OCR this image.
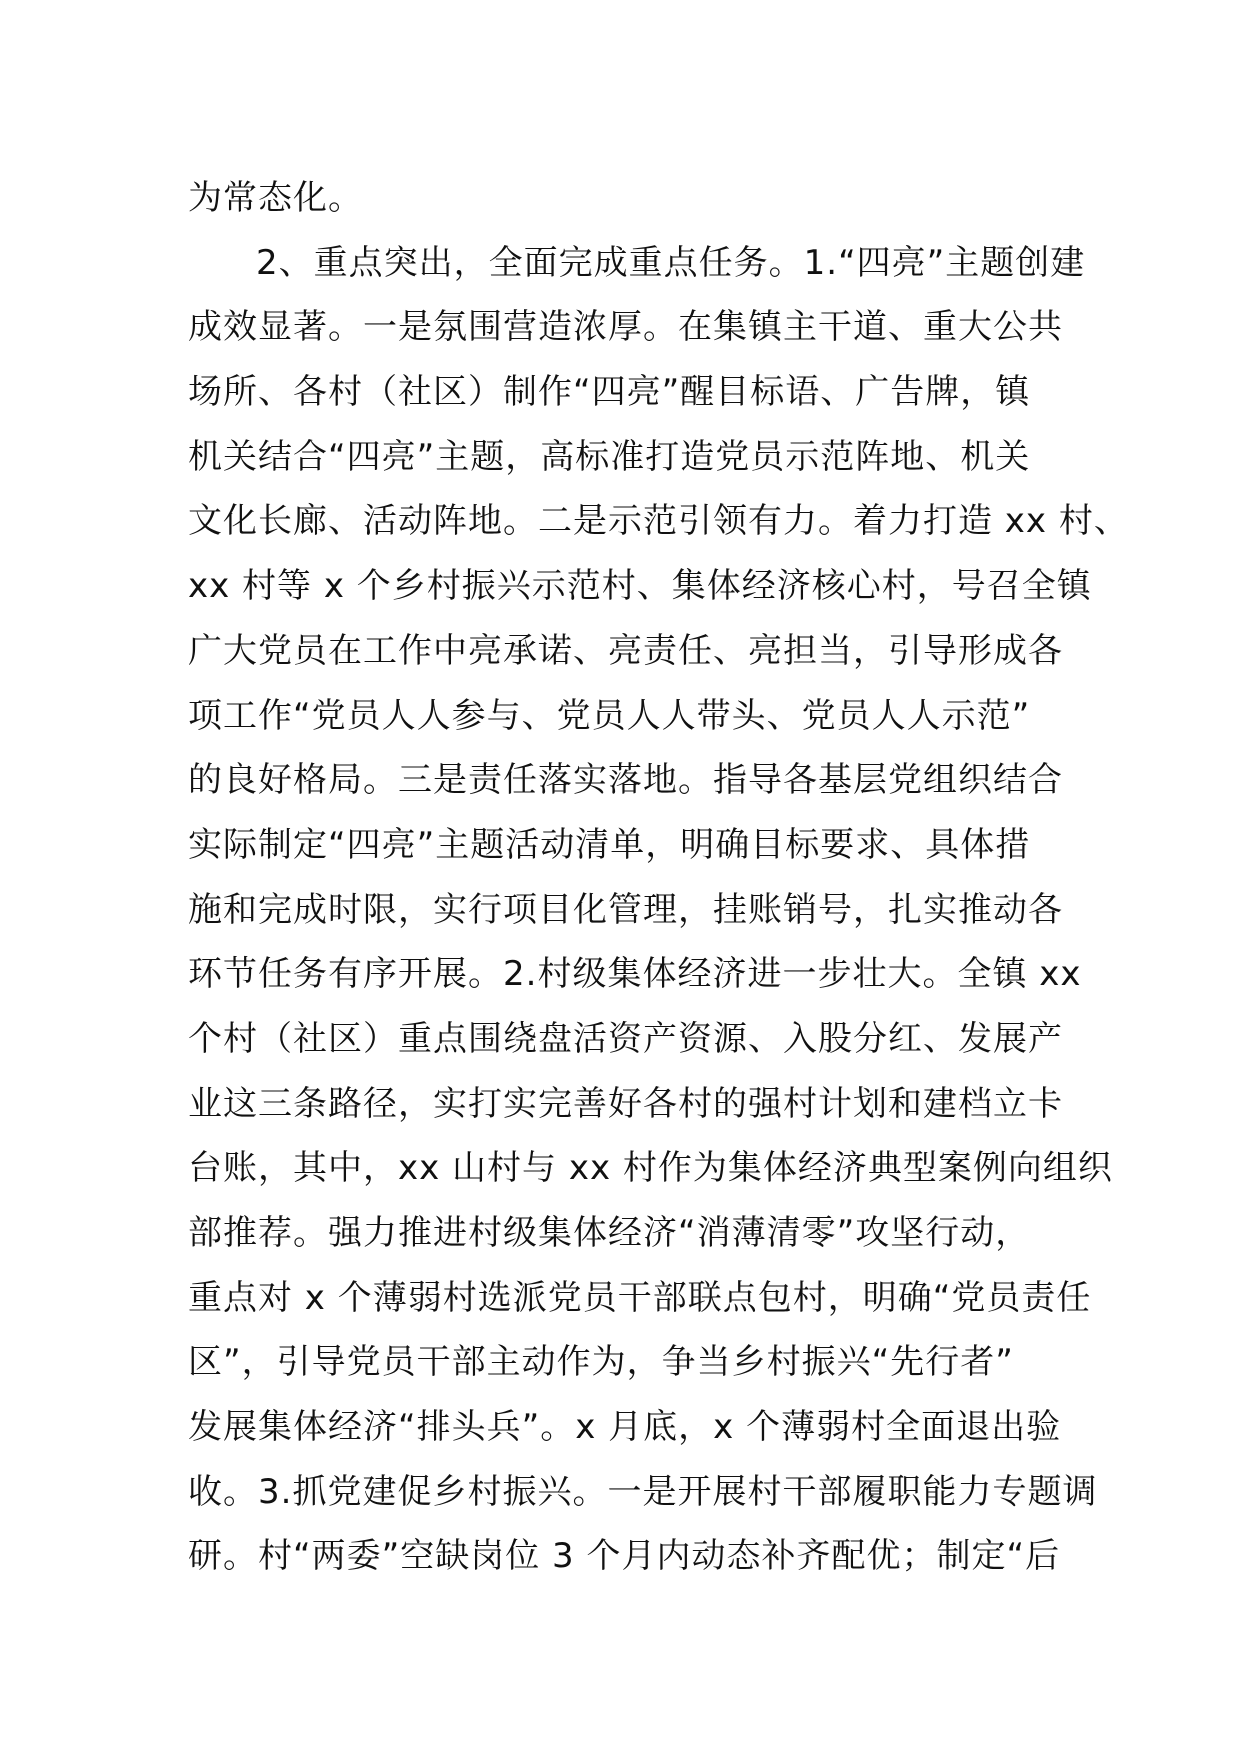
为常态化。
2、重点突出，全面完成重点任务。1.“四亮”主题创建
成效显著。一是氛围营造浓厚。在集镇主干道、重大公共
场所、各村（社区）制作“四亮”醒目标语、广告牌，镇
机关结合“四亮”主题，高标准打造党员示范阵地、机关
文化长廊、活动阵地。二是示范引领有力。着力打造 xx 村、
xx 村等 x 个乡村振兴示范村、集体经济核心村，号召全镇
广大党员在工作中亮承诺、亮责任、亮担当，引导形成各
项工作“党员人人参与、党员人人带头、党员人人示范”
的良好格局。三是责任落实落地。指导各基层党组织结合
实际制定“四亮”主题活动清单，明确目标要求、具体措
施和完成时限，实行项目化管理，挂账销号，扎实推动各
环节任务有序开展。2.村级集体经济进一步壮大。全镇 xx
个村（社区）重点围绕盘活资产资源、入股分红、发展产
业这三条路径，实打实完善好各村的强村计划和建档立卡
台账，其中，xx 山村与 xx 村作为集体经济典型案例向组织
部推荐。强力推进村级集体经济“消薄清零”攻坚行动，
重点对 x 个薄弱村选派党员干部联点包村，明确“党员责任
区”，引导党员干部主动作为，争当乡村振兴“先行者”
发展集体经济“排头兵”。x 月底，x 个薄弱村全面退出验
收。3.抓党建促乡村振兴。一是开展村干部履职能力专题调
研。村“两委”空缺岗位 3 个月内动态补齐配优；制定“后
